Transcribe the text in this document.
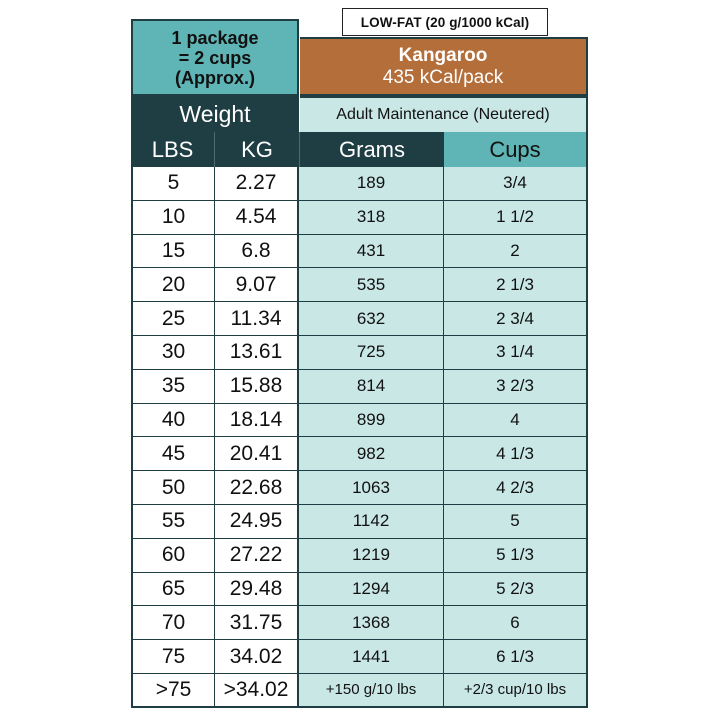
LOW-FAT (20 g/1000 kCal)
1 package
= 2 cups
(Approx.)
Kangaroo
435 kCal/pack
Weight	Adult Maintenance (Neutered)
LBS	KG	Grams	Cups
5	2.27	189	3/4
10	4.54	318	1 1/2
15	6.8	431	2
20	9.07	535	2 1/3
25	11.34	632	2 3/4
30	13.61	725	3 1/4
35	15.88	814	3 2/3
40	18.14	899	4
45	20.41	982	4 1/3
50	22.68	1063	4 2/3
55	24.95	1142	5
60	27.22	1219	5 1/3
65	29.48	1294	5 2/3
70	31.75	1368	6
75	34.02	1441	6 1/3
>75	>34.02	+150 g/10 lbs	+2/3 cup/10 lbs
